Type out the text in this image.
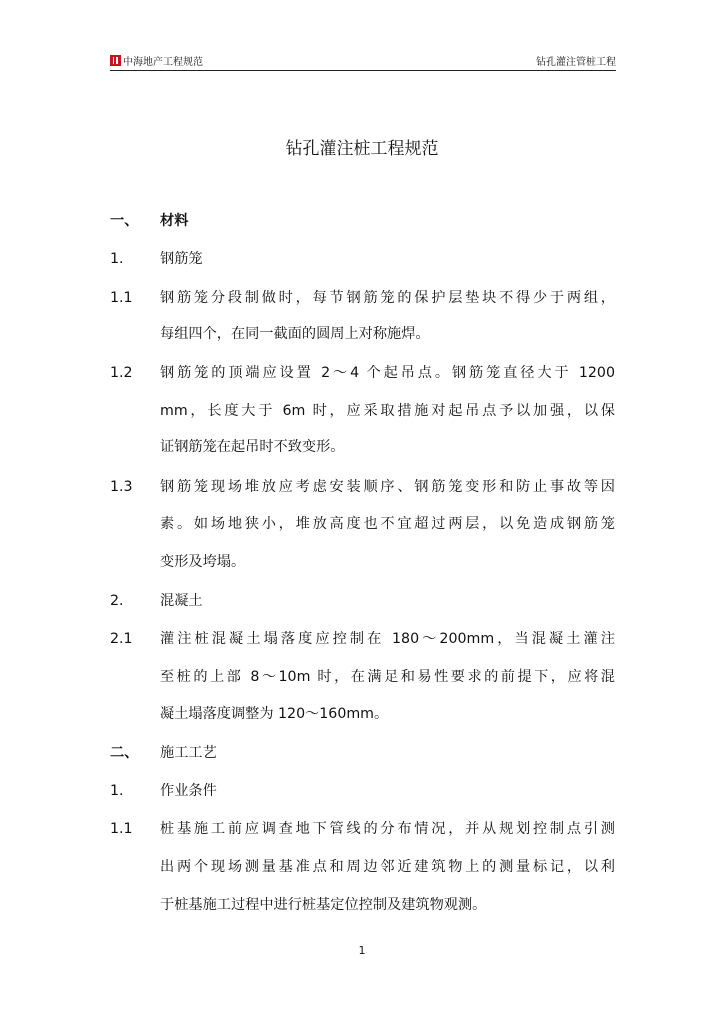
中海地产工程规范	钻孔灌注管桩工程
钻孔灌注桩工程规范
一、 材料
1.	钢筋笼
1.1 钢筋笼分段制做时，每节钢筋笼的保护层垫块不得少于两组，
每组四个，在同一截面的圆周上对称施焊。
1.2 钢筋笼的顶端应设置 2～4 个起吊点。钢筋笼直径大于 1200
mm，长度大于 6m 时，应采取措施对起吊点予以加强，以保
证钢筋笼在起吊时不致变形。
1.3 钢筋笼现场堆放应考虑安装顺序、钢筋笼变形和防止事故等因
素。如场地狭小，堆放高度也不宜超过两层，以免造成钢筋笼
变形及垮塌。
2.	混凝土
2.1 灌注桩混凝土塌落度应控制在 180～200mm，当混凝土灌注
至桩的上部 8～10m 时，在满足和易性要求的前提下，应将混
凝土塌落度调整为 120～160mm。
二、 施工工艺
1.	作业条件
1.1 桩基施工前应调查地下管线的分布情况，并从规划控制点引测
出两个现场测量基准点和周边邻近建筑物上的测量标记，以利
于桩基施工过程中进行桩基定位控制及建筑物观测。
1
